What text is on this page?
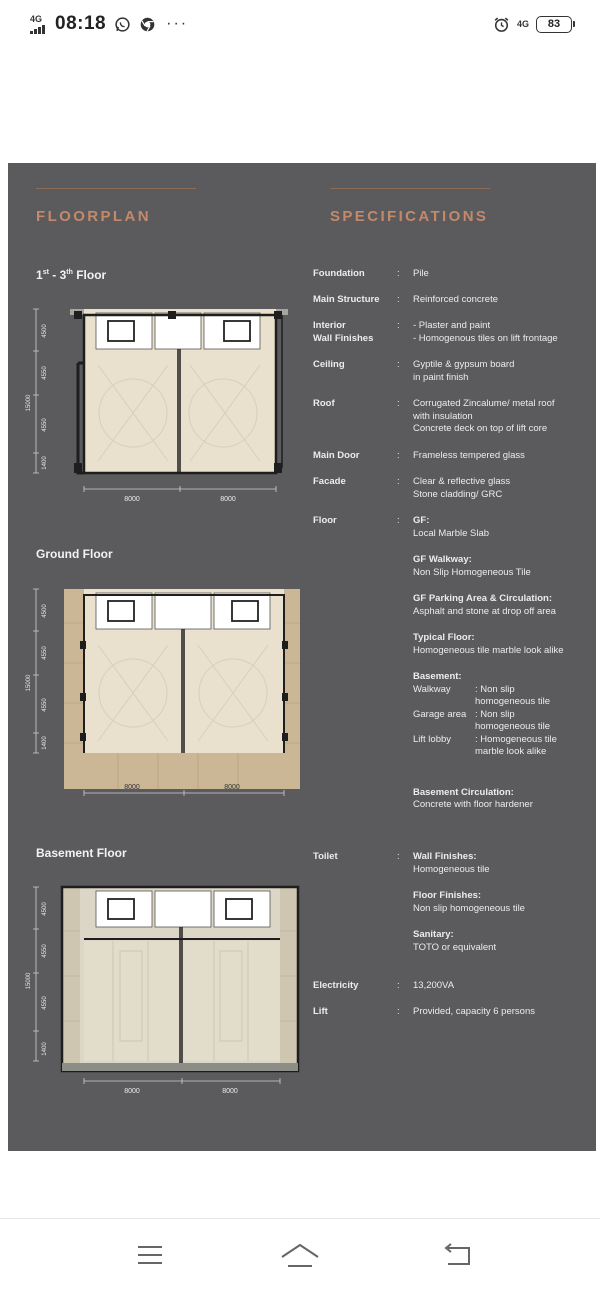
4G 08:18	···	4G 83
FLOORPLAN	SPECIFICATIONS
1st - 3th Floor
15000
4500
4550
4550
1400
8000	8000
Ground Floor
15000
4500
4550
4550
1400
8000	8000
Basement Floor
15000
4500
4550
4550
1400
8000	8000
Foundation	: Pile
Main Structure	: Reinforced concrete
Interior
Wall Finishes
: - Plaster and paint
- Homogenous tiles on lift frontage
Ceiling	: Gyptile & gypsum board
in paint finish
Roof	: Corrugated Zincalume/ metal roof
with insulation
Concrete deck on top of lift core
Main Door	: Frameless tempered glass
Facade	: Clear & reflective glass
Stone cladding/ GRC
Floor	: GF:
Local Marble Slab
GF Walkway:
Non Slip Homogeneous Tile
GF Parking Area & Circulation:
Asphalt and stone at drop off area
Typical Floor:
Homogeneous tile marble look alike
Basement:
Walkway	: Non slip
homogeneous tile
Garage area : Non slip
homogeneous tile
Lift lobby	: Homogeneous tile
marble look alike
Basement Circulation:
Concrete with floor hardener
Toilet	: Wall Finishes:
Homogeneous tile
Floor Finishes:
Non slip homogeneous tile
Sanitary:
TOTO or equivalent
Electricity	: 13,200VA
Lift	: Provided, capacity 6 persons
